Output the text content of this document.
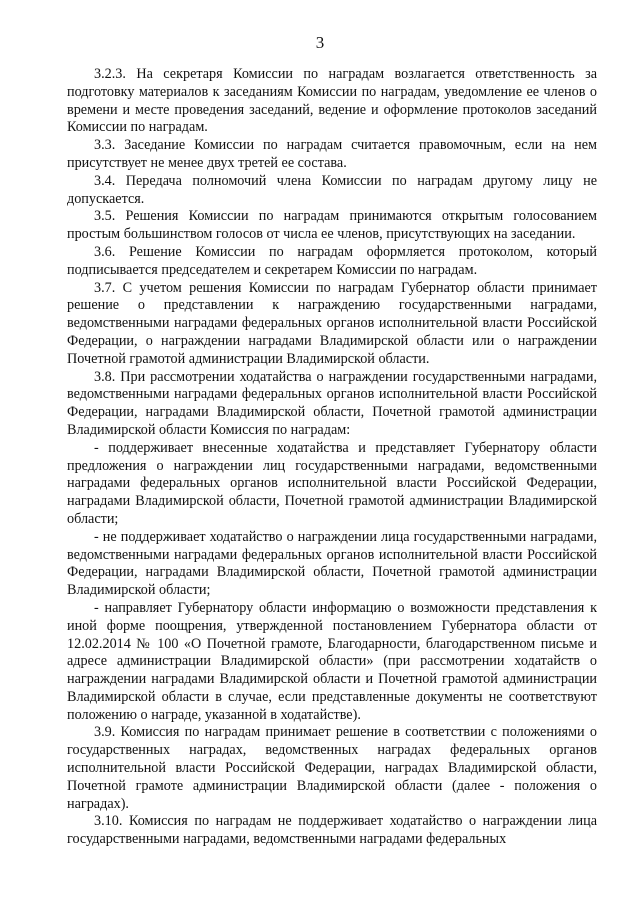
3

3.2.3. На секретаря Комиссии по наградам возлагается ответственность за подготовку материалов к заседаниям Комиссии по наградам, уведомление ее членов о времени и месте проведения заседаний, ведение и оформление протоколов заседаний Комиссии по наградам.

3.3. Заседание Комиссии по наградам считается правомочным, если на нем присутствует не менее двух третей ее состава.

3.4. Передача полномочий члена Комиссии по наградам другому лицу не допускается.

3.5. Решения Комиссии по наградам принимаются открытым голосованием простым большинством голосов от числа ее членов, присутствующих на заседании.

3.6. Решение Комиссии по наградам оформляется протоколом, который подписывается председателем и секретарем Комиссии по наградам.

3.7. С учетом решения Комиссии по наградам Губернатор области принимает решение о представлении к награждению государственными наградами, ведомственными наградами федеральных органов исполнительной власти Российской Федерации, о награждении наградами Владимирской области или о награждении Почетной грамотой администрации Владимирской области.

3.8. При рассмотрении ходатайства о награждении государственными наградами, ведомственными наградами федеральных органов исполнительной власти Российской Федерации, наградами Владимирской области, Почетной грамотой администрации Владимирской области Комиссия по наградам:

- поддерживает внесенные ходатайства и представляет Губернатору области предложения о награждении лиц государственными наградами, ведомственными наградами федеральных органов исполнительной власти Российской Федерации, наградами Владимирской области, Почетной грамотой администрации Владимирской области;

- не поддерживает ходатайство о награждении лица государственными наградами, ведомственными наградами федеральных органов исполнительной власти Российской Федерации, наградами Владимирской области, Почетной грамотой администрации Владимирской области;

- направляет Губернатору области информацию о возможности представления к иной форме поощрения, утвержденной постановлением Губернатора области от 12.02.2014 № 100 «О Почетной грамоте, Благодарности, благодарственном письме и адресе администрации Владимирской области» (при рассмотрении ходатайств о награждении наградами Владимирской области и Почетной грамотой администрации Владимирской области в случае, если представленные документы не соответствуют положению о награде, указанной в ходатайстве).

3.9. Комиссия по наградам принимает решение в соответствии с положениями о государственных наградах, ведомственных наградах федеральных органов исполнительной власти Российской Федерации, наградах Владимирской области, Почетной грамоте администрации Владимирской области (далее - положения о наградах).

3.10. Комиссия по наградам не поддерживает ходатайство о награждении лица государственными наградами, ведомственными наградами федеральных
